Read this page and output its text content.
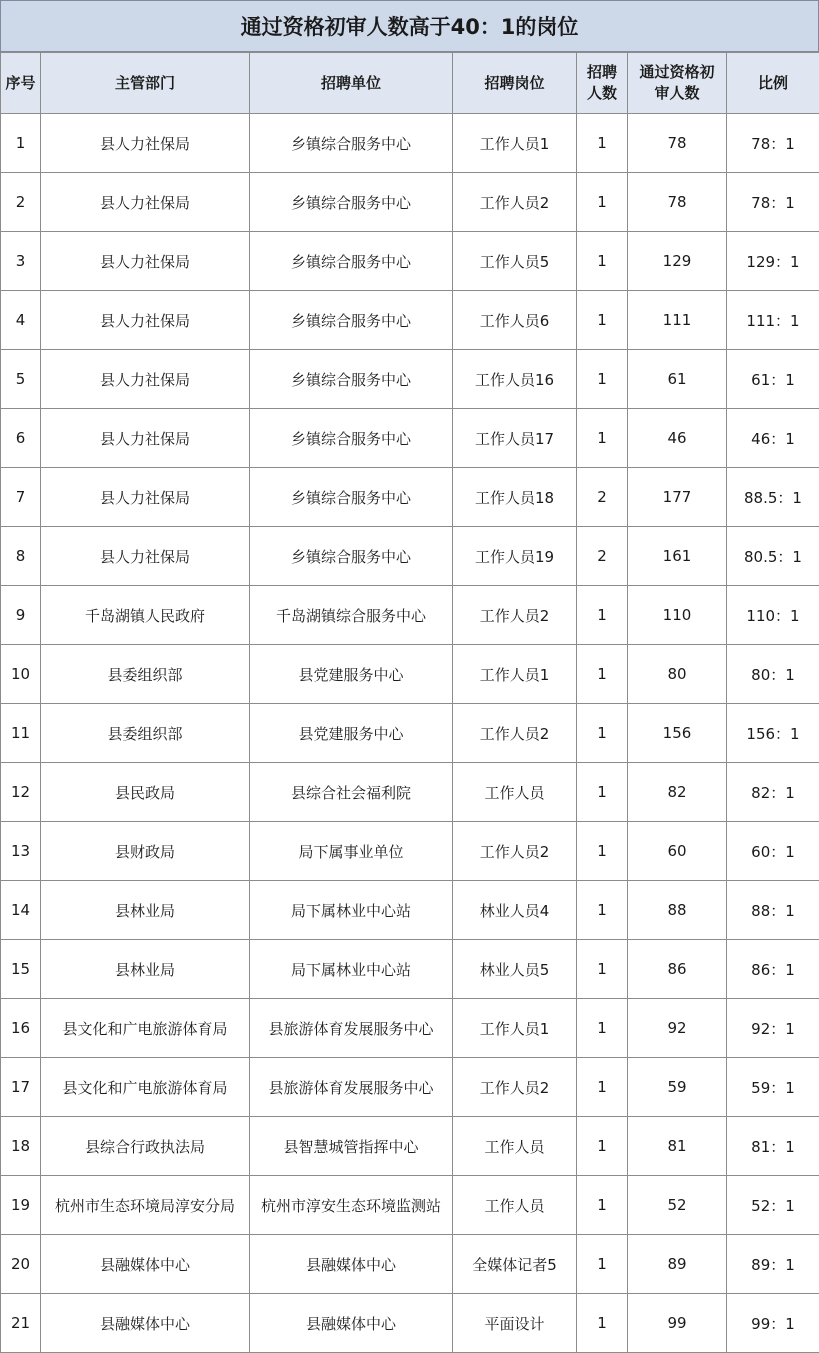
通过资格初审人数高于40：1的岗位
序号	主管部门	招聘单位	招聘岗位	招聘人数	通过资格初审人数	比例
1	县人力社保局	乡镇综合服务中心	工作人员1	1	78	78：1
2	县人力社保局	乡镇综合服务中心	工作人员2	1	78	78：1
3	县人力社保局	乡镇综合服务中心	工作人员5	1	129	129：1
4	县人力社保局	乡镇综合服务中心	工作人员6	1	111	111：1
5	县人力社保局	乡镇综合服务中心	工作人员16	1	61	61：1
6	县人力社保局	乡镇综合服务中心	工作人员17	1	46	46：1
7	县人力社保局	乡镇综合服务中心	工作人员18	2	177	88.5：1
8	县人力社保局	乡镇综合服务中心	工作人员19	2	161	80.5：1
9	千岛湖镇人民政府	千岛湖镇综合服务中心	工作人员2	1	110	110：1
10	县委组织部	县党建服务中心	工作人员1	1	80	80：1
11	县委组织部	县党建服务中心	工作人员2	1	156	156：1
12	县民政局	县综合社会福利院	工作人员	1	82	82：1
13	县财政局	局下属事业单位	工作人员2	1	60	60：1
14	县林业局	局下属林业中心站	林业人员4	1	88	88：1
15	县林业局	局下属林业中心站	林业人员5	1	86	86：1
16	县文化和广电旅游体育局	县旅游体育发展服务中心	工作人员1	1	92	92：1
17	县文化和广电旅游体育局	县旅游体育发展服务中心	工作人员2	1	59	59：1
18	县综合行政执法局	县智慧城管指挥中心	工作人员	1	81	81：1
19	杭州市生态环境局淳安分局	杭州市淳安生态环境监测站	工作人员	1	52	52：1
20	县融媒体中心	县融媒体中心	全媒体记者5	1	89	89：1
21	县融媒体中心	县融媒体中心	平面设计	1	99	99：1
